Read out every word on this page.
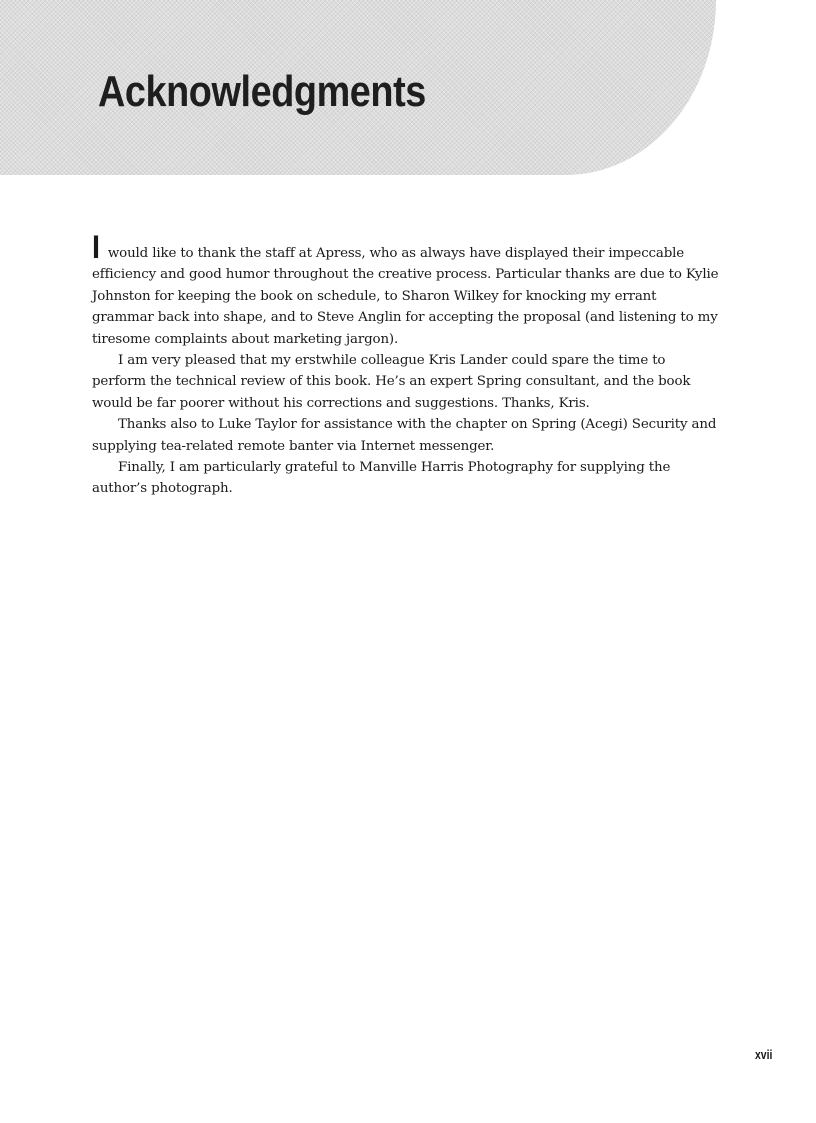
Acknowledgments

I would like to thank the staff at Apress, who as always have displayed their impeccable efficiency and good humor throughout the creative process. Particular thanks are due to Kylie Johnston for keeping the book on schedule, to Sharon Wilkey for knocking my errant grammar back into shape, and to Steve Anglin for accepting the proposal (and listening to my tiresome complaints about marketing jargon).

I am very pleased that my erstwhile colleague Kris Lander could spare the time to perform the technical review of this book. He’s an expert Spring consultant, and the book would be far poorer without his corrections and suggestions. Thanks, Kris.

Thanks also to Luke Taylor for assistance with the chapter on Spring (Acegi) Security and supplying tea-related remote banter via Internet messenger.

Finally, I am particularly grateful to Manville Harris Photography for supplying the author’s photograph.

xvii
